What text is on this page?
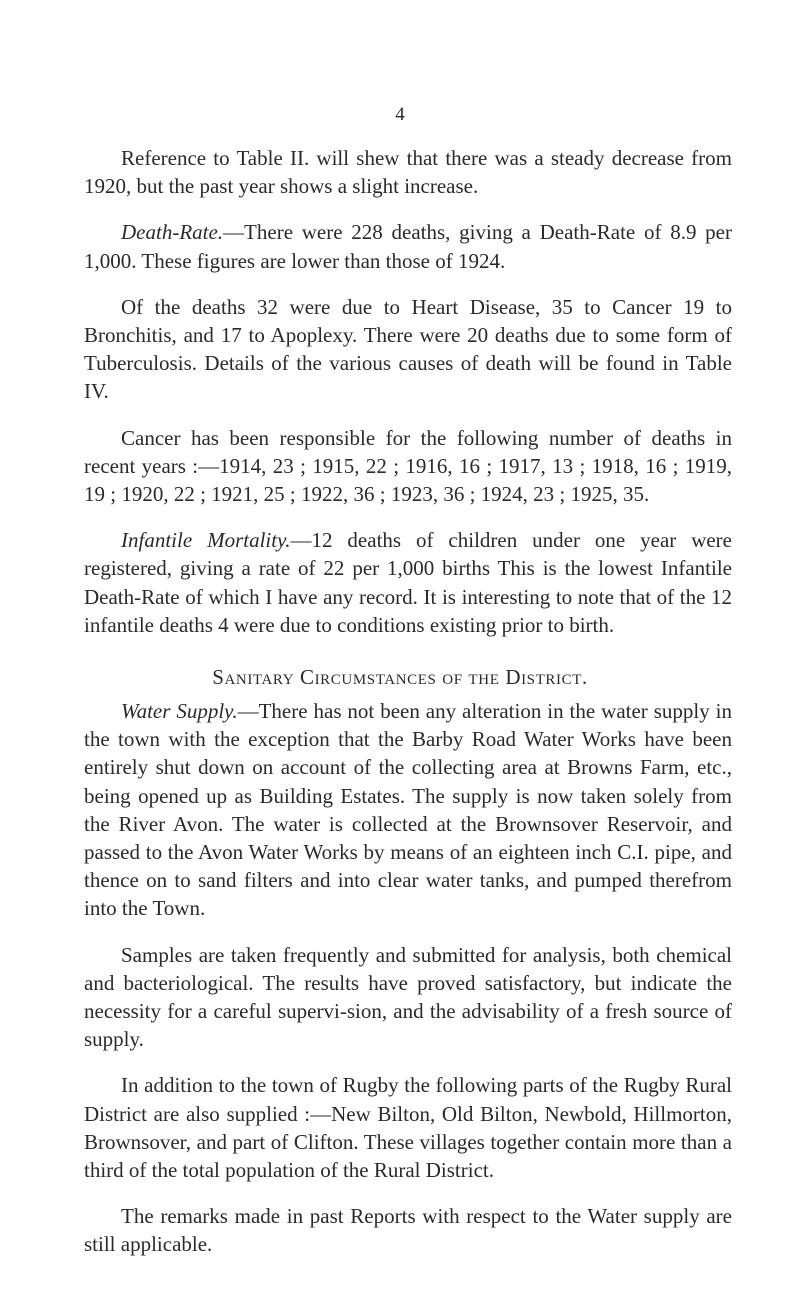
4

Reference to Table II. will shew that there was a steady decrease from 1920, but the past year shows a slight increase.

Death-Rate.—There were 228 deaths, giving a Death-Rate of 8.9 per 1,000. These figures are lower than those of 1924.

Of the deaths 32 were due to Heart Disease, 35 to Cancer 19 to Bronchitis, and 17 to Apoplexy. There were 20 deaths due to some form of Tuberculosis. Details of the various causes of death will be found in Table IV.

Cancer has been responsible for the following number of deaths in recent years :—1914, 23 ; 1915, 22 ; 1916, 16 ; 1917, 13 ; 1918, 16 ; 1919, 19 ; 1920, 22 ; 1921, 25 ; 1922, 36 ; 1923, 36 ; 1924, 23 ; 1925, 35.

Infantile Mortality.—12 deaths of children under one year were registered, giving a rate of 22 per 1,000 births This is the lowest Infantile Death-Rate of which I have any record. It is interesting to note that of the 12 infantile deaths 4 were due to conditions existing prior to birth.

Sanitary Circumstances of the District.

Water Supply.—There has not been any alteration in the water supply in the town with the exception that the Barby Road Water Works have been entirely shut down on account of the collecting area at Browns Farm, etc., being opened up as Building Estates. The supply is now taken solely from the River Avon. The water is collected at the Brownsover Reservoir, and passed to the Avon Water Works by means of an eighteen inch C.I. pipe, and thence on to sand filters and into clear water tanks, and pumped therefrom into the Town.

Samples are taken frequently and submitted for analysis, both chemical and bacteriological. The results have proved satisfactory, but indicate the necessity for a careful supervi-sion, and the advisability of a fresh source of supply.

In addition to the town of Rugby the following parts of the Rugby Rural District are also supplied :—New Bilton, Old Bilton, Newbold, Hillmorton, Brownsover, and part of Clifton. These villages together contain more than a third of the total population of the Rural District.

The remarks made in past Reports with respect to the Water supply are still applicable.
